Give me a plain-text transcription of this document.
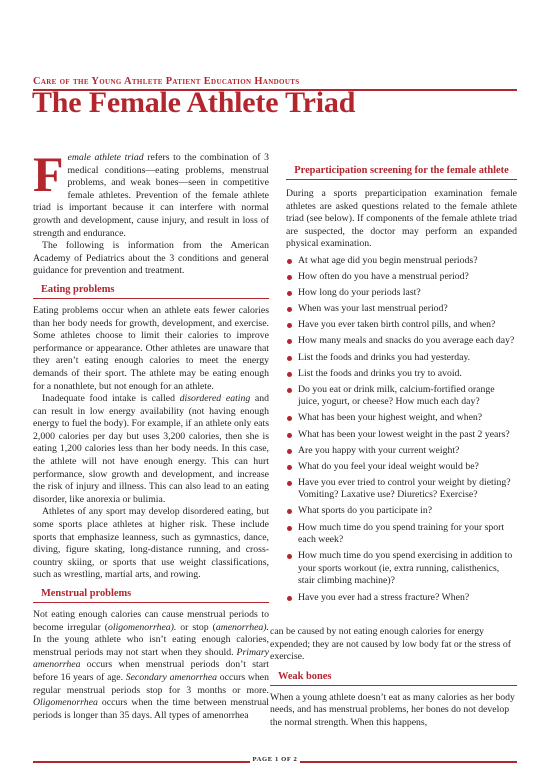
Care of the Young Athlete Patient Education Handouts
The Female Athlete Triad

Female athlete triad refers to the combination of 3 medical conditions—eating problems, menstrual problems, and weak bones—seen in competitive female athletes. Prevention of the female athlete triad is important because it can interfere with normal growth and development, cause injury, and result in loss of strength and endurance.

The following is information from the American Academy of Pediatrics about the 3 conditions and general guidance for prevention and treatment.

Eating problems

Eating problems occur when an athlete eats fewer calories than her body needs for growth, development, and exercise. Some athletes choose to limit their calories to improve performance or appearance. Other athletes are unaware that they aren’t eating enough calories to meet the energy demands of their sport. The athlete may be eating enough for a nonathlete, but not enough for an athlete.

Inadequate food intake is called disordered eating and can result in low energy availability (not having enough energy to fuel the body). For example, if an athlete only eats 2,000 calories per day but uses 3,200 calories, then she is eating 1,200 calories less than her body needs. In this case, the athlete will not have enough energy. This can hurt performance, slow growth and development, and increase the risk of injury and illness. This can also lead to an eating disorder, like anorexia or bulimia.

Athletes of any sport may develop disordered eating, but some sports place athletes at higher risk. These include sports that emphasize leanness, such as gymnastics, dance, diving, figure skating, long-distance running, and cross-country skiing, or sports that use weight classifications, such as wrestling, martial arts, and rowing.

Menstrual problems

Not eating enough calories can cause menstrual periods to become irregular (oligomenorrhea). or stop (amenorrhea). In the young athlete who isn’t eating enough calories, menstrual periods may not start when they should. Primary amenorrhea occurs when menstrual periods don’t start before 16 years of age. Secondary amenorrhea occurs when regular menstrual periods stop for 3 months or more. Oligomenorrhea occurs when the time between menstrual periods is longer than 35 days. All types of amenorrhea

Preparticipation screening for the female athlete

During a sports preparticipation examination female athletes are asked questions related to the female athlete triad (see below). If components of the female athlete triad are suspected, the doctor may perform an expanded physical examination.

At what age did you begin menstrual periods?
How often do you have a menstrual period?
How long do your periods last?
When was your last menstrual period?
Have you ever taken birth control pills, and when?
How many meals and snacks do you average each day?
List the foods and drinks you had yesterday.
List the foods and drinks you try to avoid.
Do you eat or drink milk, calcium-fortified orange juice, yogurt, or cheese? How much each day?
What has been your highest weight, and when?
What has been your lowest weight in the past 2 years?
Are you happy with your current weight?
What do you feel your ideal weight would be?
Have you ever tried to control your weight by dieting? Vomiting? Laxative use? Diuretics? Exercise?
What sports do you participate in?
How much time do you spend training for your sport each week?
How much time do you spend exercising in addition to your sports workout (ie, extra running, calisthenics, stair climbing machine)?
Have you ever had a stress fracture? When?

can be caused by not eating enough calories for energy expended; they are not caused by low body fat or the stress of exercise.

Weak bones

When a young athlete doesn’t eat as many calories as her body needs, and has menstrual problems, her bones do not develop the normal strength. When this happens,

PAGE 1 OF 2
